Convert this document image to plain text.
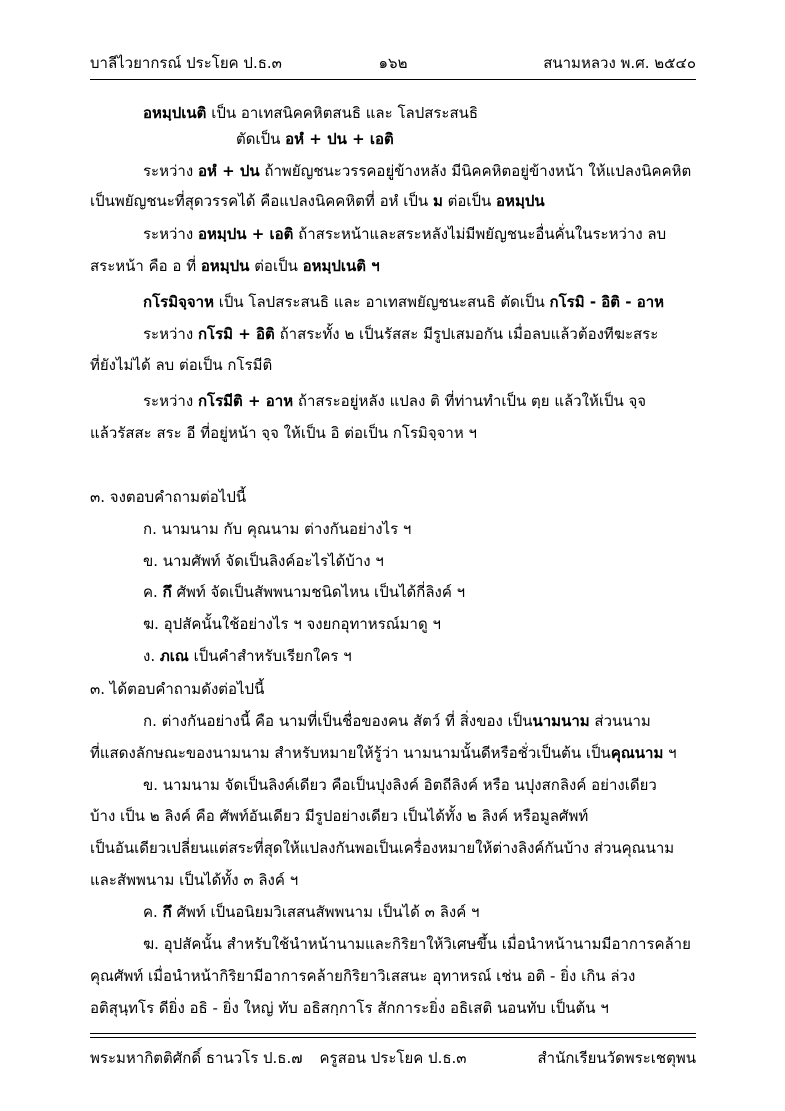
บาลีไวยากรณ์ ประโยค ป.ธ.๓	๑๖๒	สนามหลวง พ.ศ. ๒๕๔๐
อหมฺปเนติ เป็น อาเทสนิคคหิตสนธิ และ โลปสระสนธิ
ตัดเป็น อหํ + ปน + เอติ
ระหว่าง อหํ + ปน ถ้าพยัญชนะวรรคอยู่ข้างหลัง มีนิคคหิตอยู่ข้างหน้า ให้แปลงนิคคหิต
เป็นพยัญชนะที่สุดวรรคได้ คือแปลงนิคคหิตที่ อหํ เป็น ม ต่อเป็น อหมฺปน
ระหว่าง อหมฺปน + เอติ ถ้าสระหน้าและสระหลังไม่มีพยัญชนะอื่นคั่นในระหว่าง ลบ
สระหน้า คือ อ ที่ อหมฺปน ต่อเป็น อหมฺปเนติ ฯ
กโรมิจฺจาห เป็น โลปสระสนธิ และ อาเทสพยัญชนะสนธิ ตัดเป็น กโรมิ - อิติ - อาห
ระหว่าง กโรมิ + อิติ ถ้าสระทั้ง ๒ เป็นรัสสะ มีรูปเสมอกัน เมื่อลบแล้วต้องทีฆะสระ
ที่ยังไม่ได้ ลบ ต่อเป็น กโรมีติ
ระหว่าง กโรมีติ + อาห ถ้าสระอยู่หลัง แปลง ติ ที่ท่านทำเป็น ตฺย แล้วให้เป็น จฺจ
แล้วรัสสะ สระ อี ที่อยู่หน้า จฺจ ให้เป็น อิ ต่อเป็น กโรมิจฺจาห ฯ
๓. จงตอบคำถามต่อไปนี้
ก. นามนาม กับ คุณนาม ต่างกันอย่างไร ฯ
ข. นามศัพท์ จัดเป็นลิงค์อะไรได้บ้าง ฯ
ค. กึ ศัพท์ จัดเป็นสัพพนามชนิดไหน เป็นได้กี่ลิงค์ ฯ
ฆ. อุปสัคนั้นใช้อย่างไร ฯ จงยกอุทาหรณ์มาดู ฯ
ง. ภเณ เป็นคำสำหรับเรียกใคร ฯ
๓. ได้ตอบคำถามดังต่อไปนี้
ก. ต่างกันอย่างนี้ คือ นามที่เป็นชื่อของคน สัตว์ ที่ สิ่งของ เป็นนามนาม ส่วนนาม
ที่แสดงลักษณะของนามนาม สำหรับหมายให้รู้ว่า นามนามนั้นดีหรือชั่วเป็นต้น เป็นคุณนาม ฯ
ข. นามนาม จัดเป็นลิงค์เดียว คือเป็นปุงลิงค์ อิตถีลิงค์ หรือ นปุงสกลิงค์ อย่างเดียว
บ้าง เป็น ๒ ลิงค์ คือ ศัพท์อันเดียว มีรูปอย่างเดียว เป็นได้ทั้ง ๒ ลิงค์ หรือมูลศัพท์
เป็นอันเดียวเปลี่ยนแต่สระที่สุดให้แปลงกันพอเป็นเครื่องหมายให้ต่างลิงค์กันบ้าง ส่วนคุณนาม
และสัพพนาม เป็นได้ทั้ง ๓ ลิงค์ ฯ
ค. กึ ศัพท์ เป็นอนิยมวิเสสนสัพพนาม เป็นได้ ๓ ลิงค์ ฯ
ฆ. อุปสัคนั้น สำหรับใช้นำหน้านามและกิริยาให้วิเศษขึ้น เมื่อนำหน้านามมีอาการคล้าย
คุณศัพท์ เมื่อนำหน้ากิริยามีอาการคล้ายกิริยาวิเสสนะ อุทาหรณ์ เช่น อติ - ยิ่ง เกิน ล่วง
อติสุนฺทโร ดียิ่ง อธิ - ยิ่ง ใหญ่ ทับ อธิสกฺกาโร สักการะยิ่ง อธิเสติ นอนทับ เป็นต้น ฯ
พระมหากิตติศักดิ์ ธานวโร ป.ธ.๗	ครูสอน ประโยค ป.ธ.๓	สำนักเรียนวัดพระเชตุพน
